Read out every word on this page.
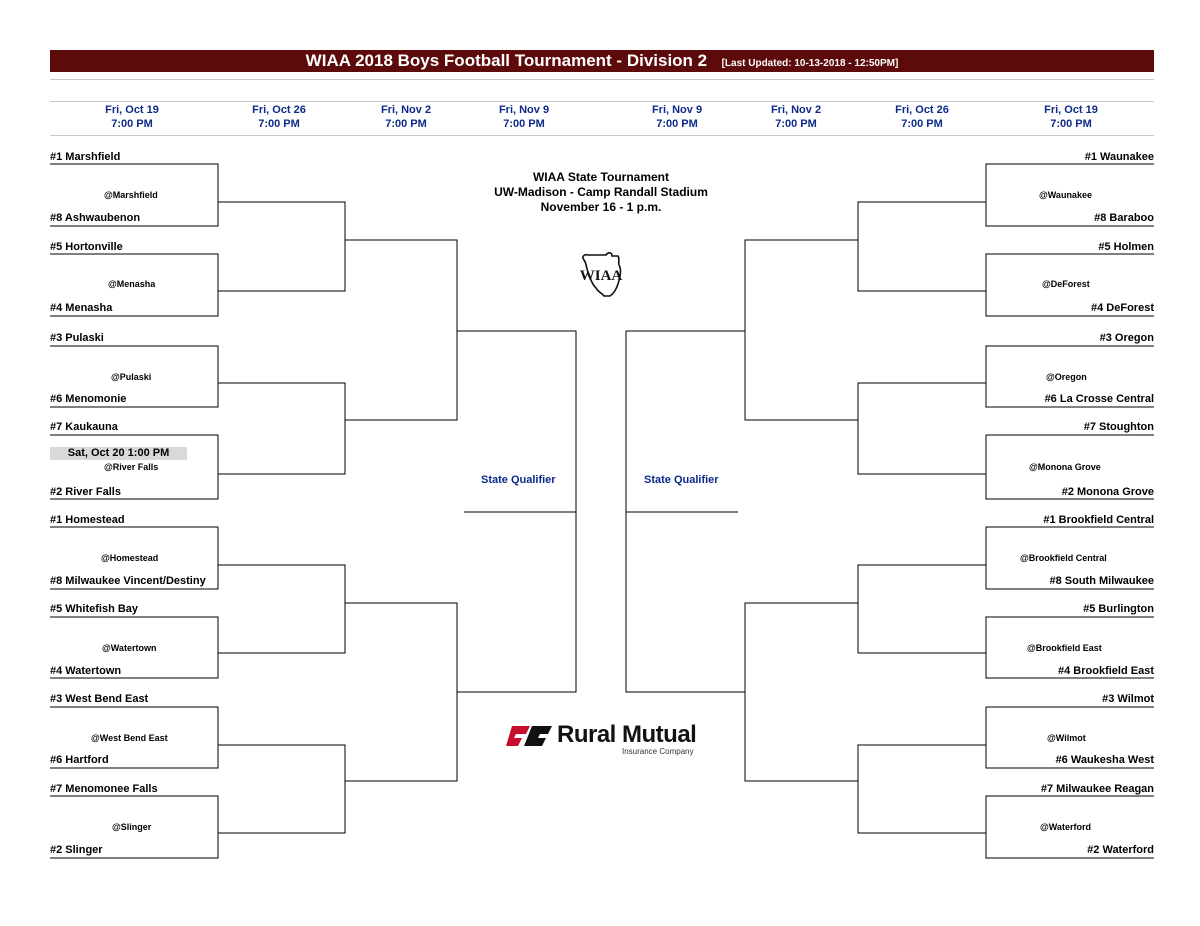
WIAA 2018 Boys Football Tournament - Division 2 [Last Updated: 10-13-2018 - 12:50PM]
Fri, Oct 19
7:00 PM
Fri, Oct 26
7:00 PM
Fri, Nov 2
7:00 PM
Fri, Nov 9
7:00 PM
Fri, Nov 9
7:00 PM
Fri, Nov 2
7:00 PM
Fri, Oct 26
7:00 PM
Fri, Oct 19
7:00 PM
#1 Marshfield
#8 Ashwaubenon
#5 Hortonville
#4 Menasha
#3 Pulaski
#6 Menomonie
#7 Kaukauna
#2 River Falls
#1 Homestead
#8 Milwaukee Vincent/Destiny
#5 Whitefish Bay
#4 Watertown
#3 West Bend East
#6 Hartford
#7 Menomonee Falls
#2 Slinger
@Marshfield
@Menasha
@Pulaski
Sat, Oct 20 1:00 PM
@River Falls
@Homestead
@Watertown
@West Bend East
@Slinger
#1 Waunakee
#8 Baraboo
#5 Holmen
#4 DeForest
#3 Oregon
#6 La Crosse Central
#7 Stoughton
#2 Monona Grove
#1 Brookfield Central
#8 South Milwaukee
#5 Burlington
#4 Brookfield East
#3 Wilmot
#6 Waukesha West
#7 Milwaukee Reagan
#2 Waterford
@Waunakee
@DeForest
@Oregon
@Monona Grove
@Brookfield Central
@Brookfield East
@Wilmot
@Waterford
WIAA State Tournament
UW-Madison - Camp Randall Stadium
November 16 - 1 p.m.
WIAA
State Qualifier	State Qualifier
Rural Mutual
Insurance Company
